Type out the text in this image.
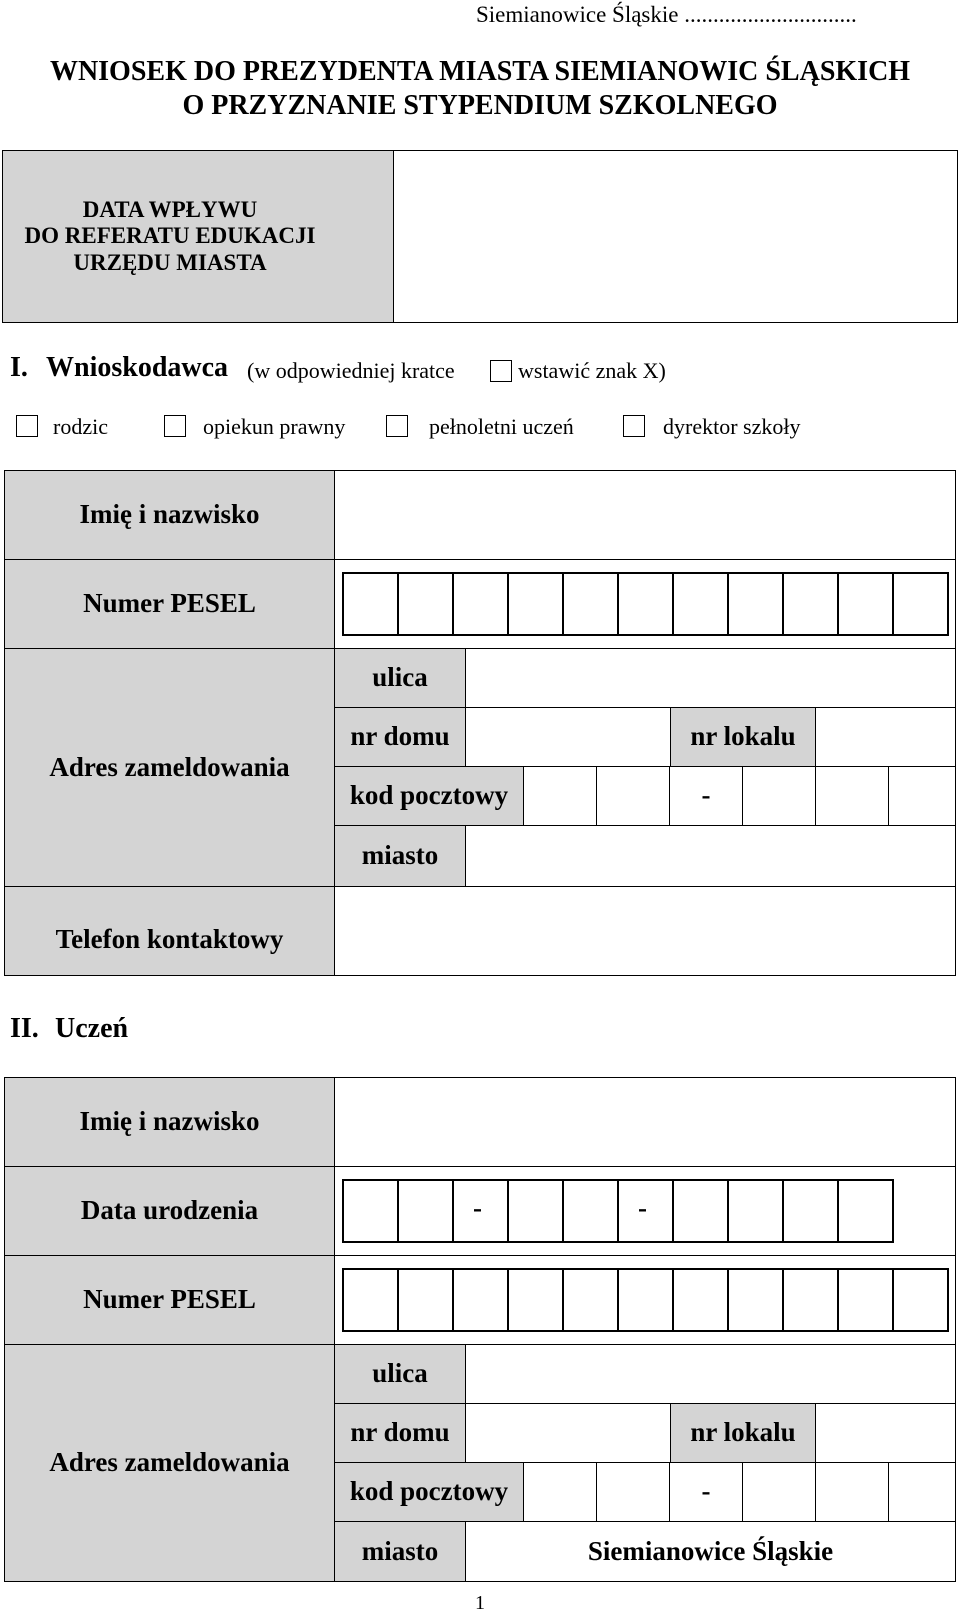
Siemianowice Śląskie ..............................
WNIOSEK DO PREZYDENTA MIASTA SIEMIANOWIC ŚLĄSKICH
O PRZYZNANIE STYPENDIUM SZKOLNEGO
DATA WPŁYWU
DO REFERATU EDUKACJI
URZĘDU MIASTA
I. Wnioskodawca (w odpowiedniej kratce	wstawić znak X)
rodzic	opiekun prawny	pełnoletni uczeń	dyrektor szkoły
Imię i nazwisko
Numer PESEL
Adres zameldowania
ulica
nr domu	nr lokalu
kod pocztowy	-
miasto
Telefon kontaktowy
II. Uczeń
Imię i nazwisko
Data urodzenia	-	-
Numer PESEL
Adres zameldowania
ulica
nr domu	nr lokalu
kod pocztowy	-
miasto	Siemianowice Śląskie
1
